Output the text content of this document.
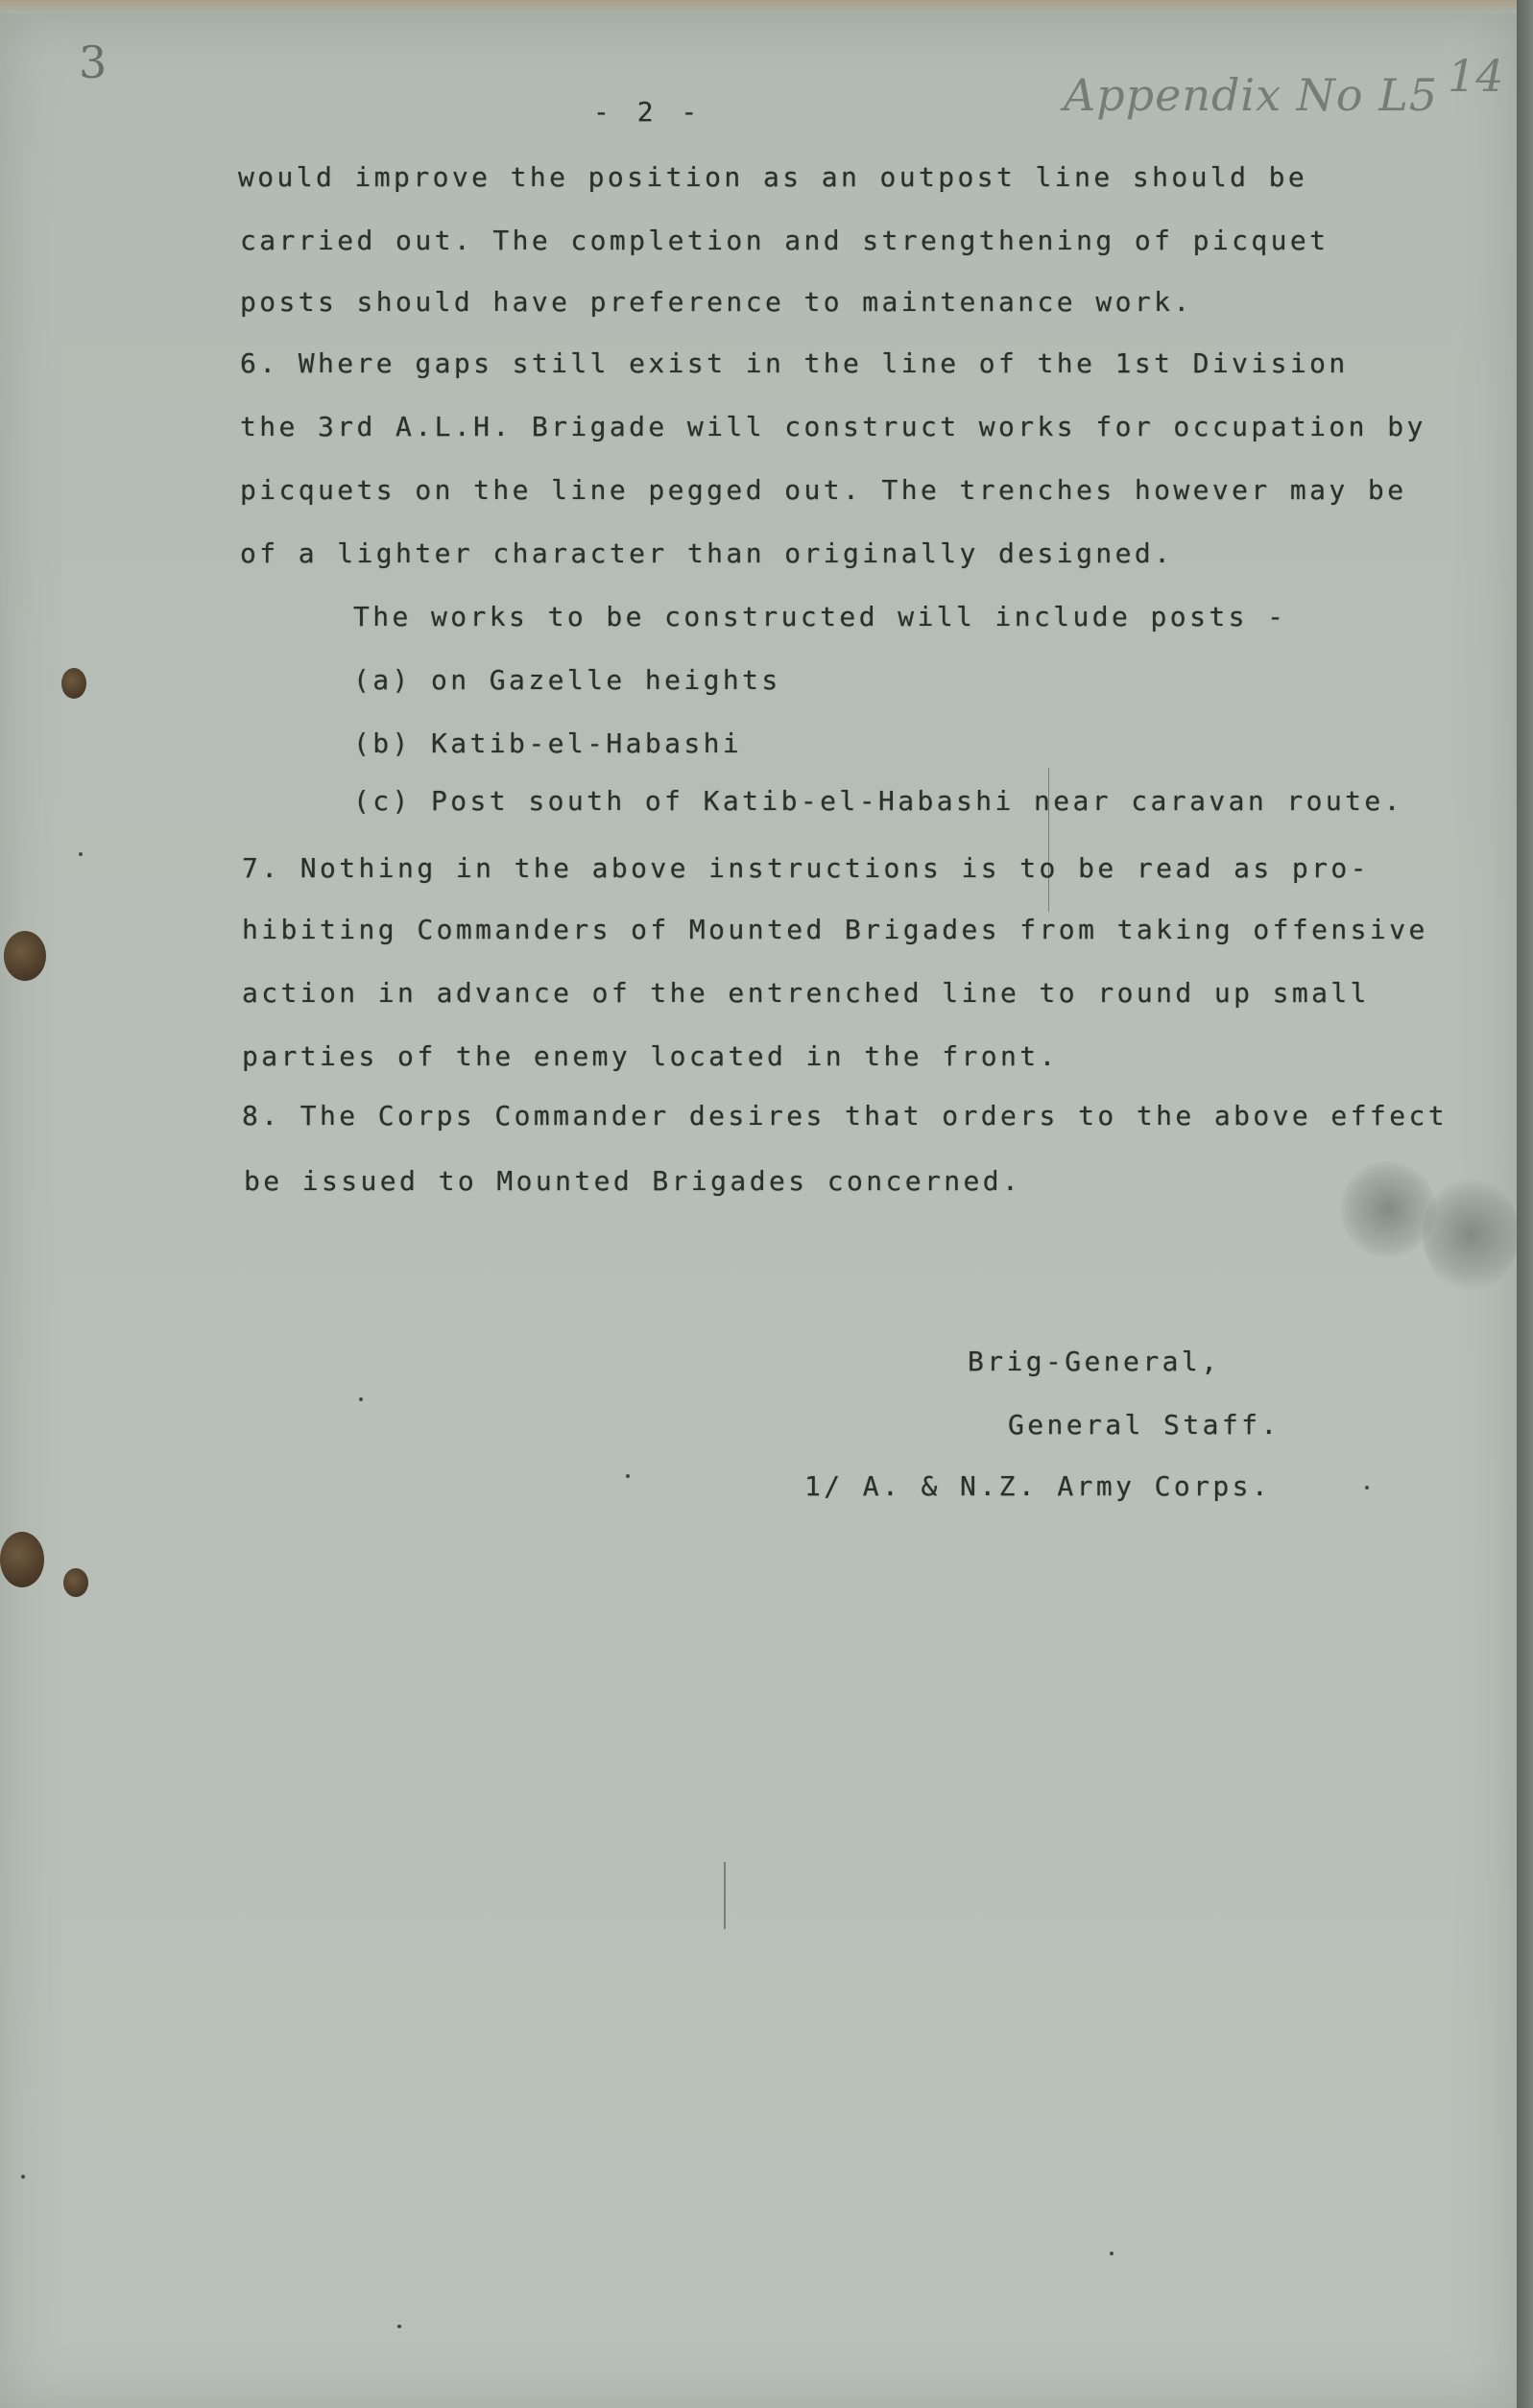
3
Appendix No L5 14
- 2 -
would improve the position as an outpost line should be
carried out. The completion and strengthening of picquet
posts should have preference to maintenance work.
6. Where gaps still exist in the line of the 1st Division
the 3rd A.L.H. Brigade will construct works for occupation by
picquets on the line pegged out. The trenches however may be
of a lighter character than originally designed.
The works to be constructed will include posts -
(a) on Gazelle heights
(b) Katib-el-Habashi
(c) Post south of Katib-el-Habashi near caravan route.
7. Nothing in the above instructions is to be read as pro-
hibiting Commanders of Mounted Brigades from taking offensive
action in advance of the entrenched line to round up small
parties of the enemy located in the front.
8. The Corps Commander desires that orders to the above effect
be issued to Mounted Brigades concerned.
Brig-General,
General Staff.
1/ A. & N.Z. Army Corps.
